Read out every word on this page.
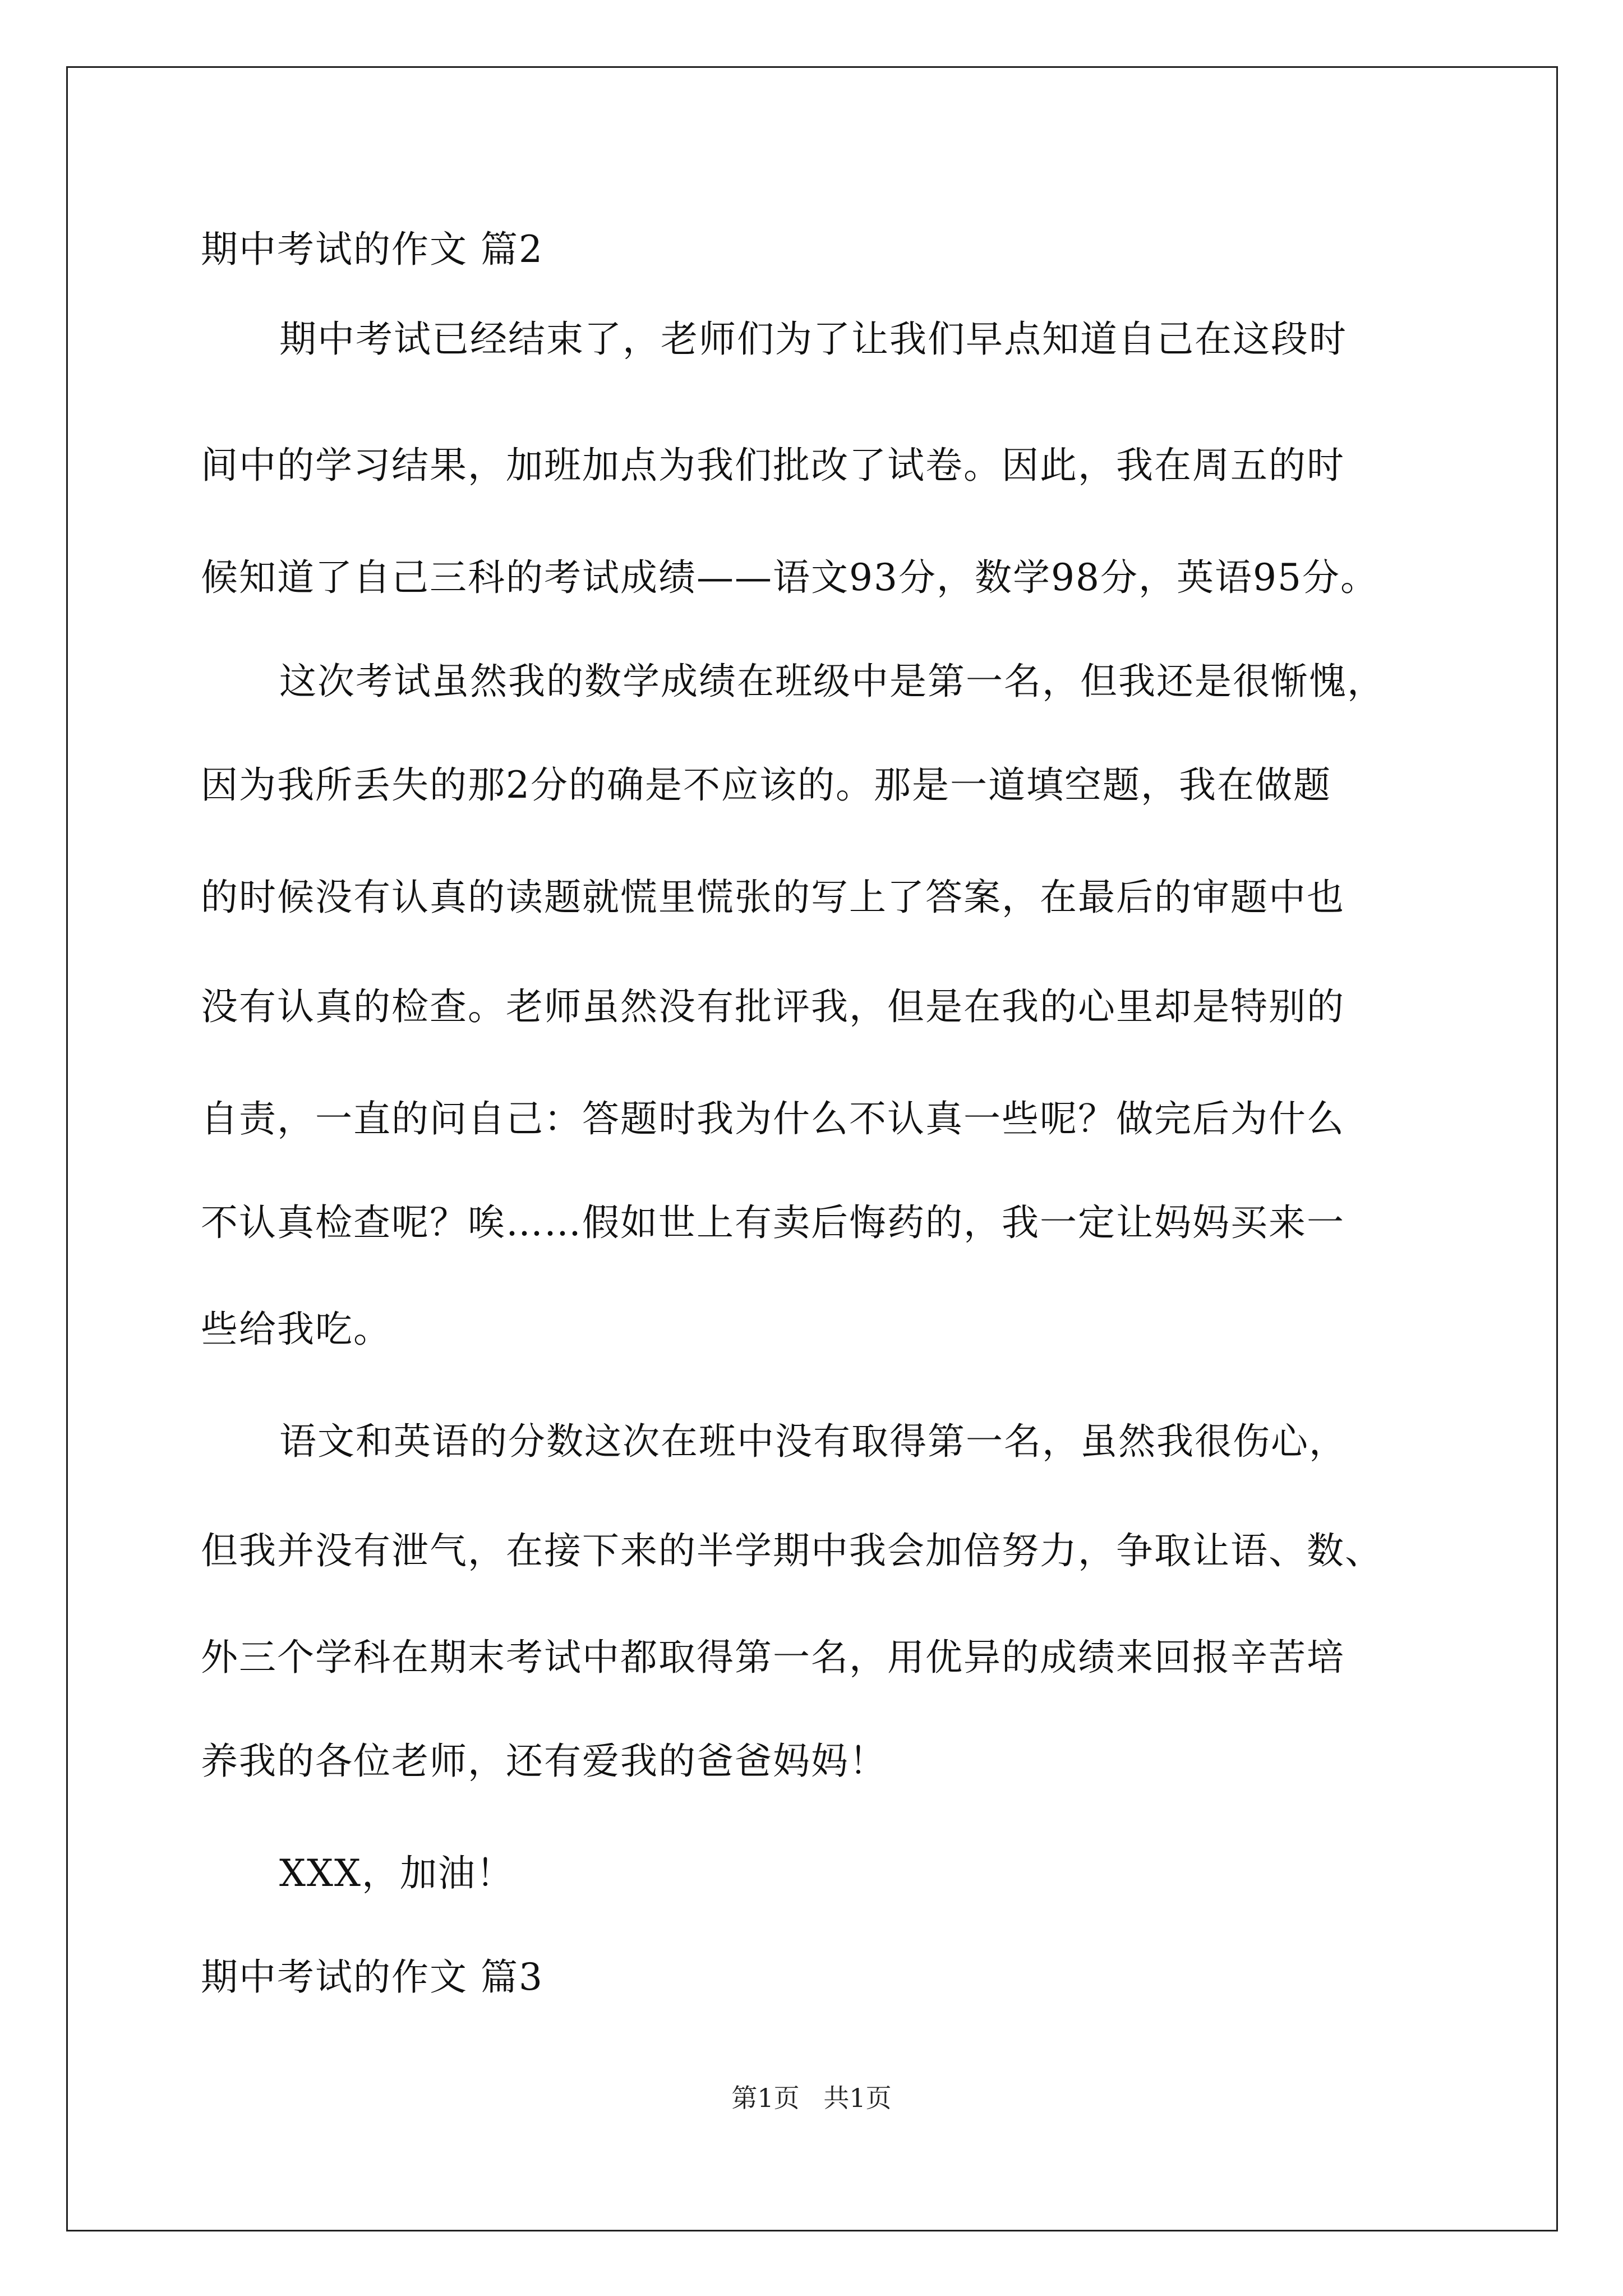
期中考试的作文 篇2
期中考试已经结束了，老师们为了让我们早点知道自己在这段时
间中的学习结果，加班加点为我们批改了试卷。因此，我在周五的时
候知道了自己三科的考试成绩——语文93分，数学98分，英语95分。
这次考试虽然我的数学成绩在班级中是第一名，但我还是很惭愧，
因为我所丢失的那2分的确是不应该的。那是一道填空题，我在做题
的时候没有认真的读题就慌里慌张的写上了答案，在最后的审题中也
没有认真的检查。老师虽然没有批评我，但是在我的心里却是特别的
自责，一直的问自己：答题时我为什么不认真一些呢？做完后为什么
不认真检查呢？唉……假如世上有卖后悔药的，我一定让妈妈买来一
些给我吃。
语文和英语的分数这次在班中没有取得第一名，虽然我很伤心，
但我并没有泄气，在接下来的半学期中我会加倍努力，争取让语、数、
外三个学科在期末考试中都取得第一名，用优异的成绩来回报辛苦培
养我的各位老师，还有爱我的爸爸妈妈！
XXX，加油！
期中考试的作文 篇3
第1页 共1页
